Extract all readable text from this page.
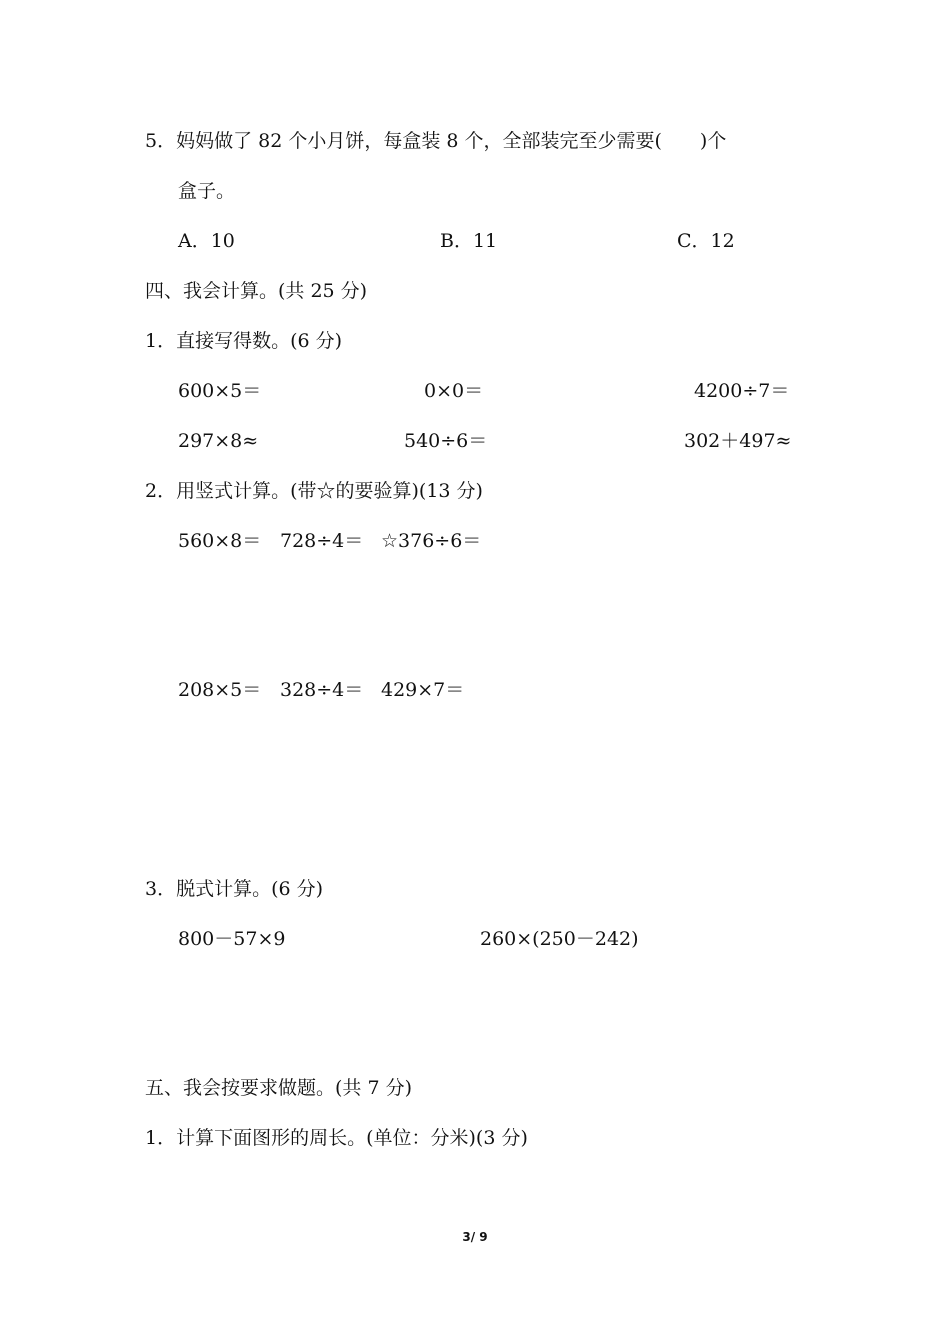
5．妈妈做了 82 个小月饼，每盒装 8 个，全部装完至少需要(　　)个
盒子。
A．10	B．11	C．12
四、我会计算。(共 25 分)
1．直接写得数。(6 分)
600×5＝	0×0＝	4200÷7＝
297×8≈	540÷6＝	302＋497≈
2．用竖式计算。(带☆的要验算)(13 分)
560×8＝ 728÷4＝ ☆376÷6＝
208×5＝ 328÷4＝ 429×7＝
3．脱式计算。(6 分)
800－57×9	260×(250－242)
五、我会按要求做题。(共 7 分)
1．计算下面图形的周长。(单位：分米)(3 分)
3/ 9
